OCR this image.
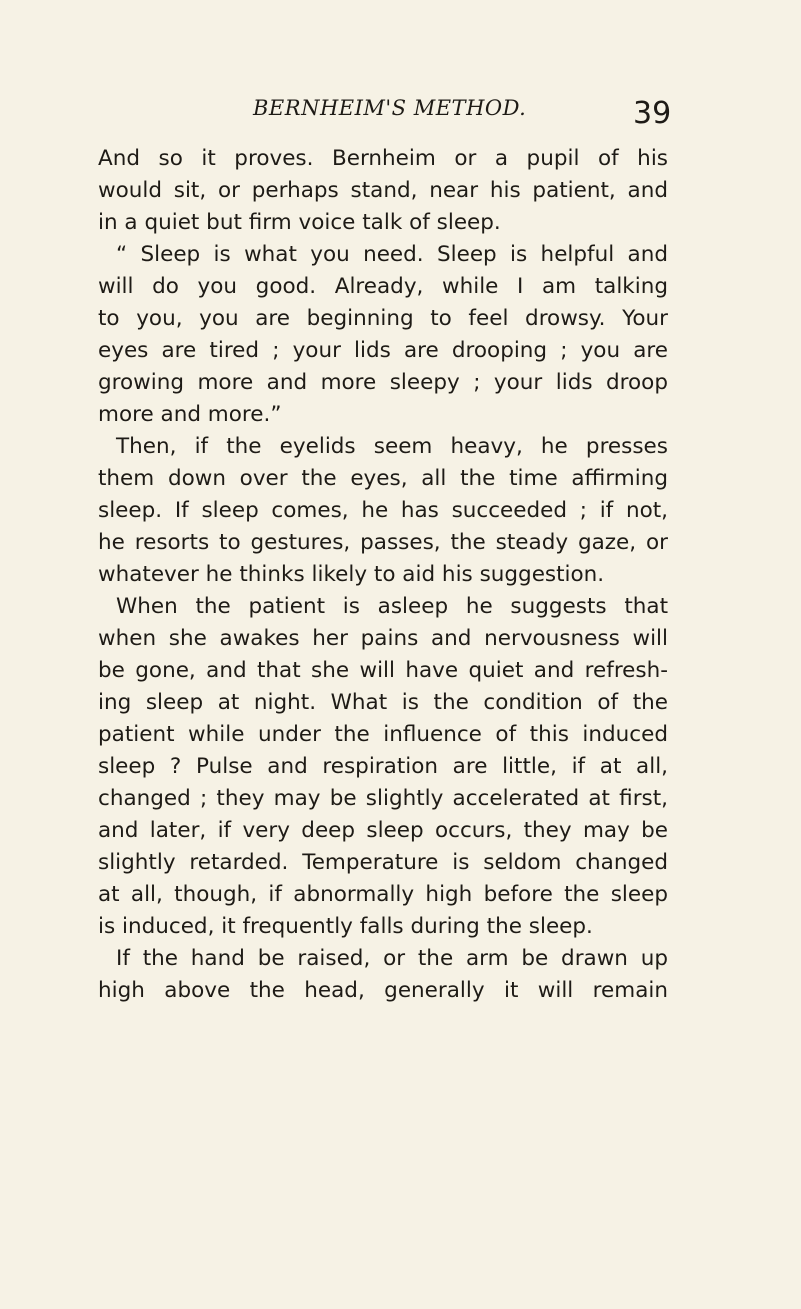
BERNHEIM'S METHOD.	39
And so it proves. Bernheim or a pupil of his
would sit, or perhaps stand, near his patient, and
in a quiet but firm voice talk of sleep.
“ Sleep is what you need. Sleep is helpful and
will do you good. Already, while I am talking
to you, you are beginning to feel drowsy. Your
eyes are tired ; your lids are drooping ; you are
growing more and more sleepy ; your lids droop
more and more.”
Then, if the eyelids seem heavy, he presses
them down over the eyes, all the time affirming
sleep. If sleep comes, he has succeeded ; if not,
he resorts to gestures, passes, the steady gaze, or
whatever he thinks likely to aid his suggestion.
When the patient is asleep he suggests that
when she awakes her pains and nervousness will
be gone, and that she will have quiet and refresh-
ing sleep at night. What is the condition of the
patient while under the influence of this induced
sleep ? Pulse and respiration are little, if at all,
changed ; they may be slightly accelerated at first,
and later, if very deep sleep occurs, they may be
slightly retarded. Temperature is seldom changed
at all, though, if abnormally high before the sleep
is induced, it frequently falls during the sleep.
If the hand be raised, or the arm be drawn up
high above the head, generally it will remain
